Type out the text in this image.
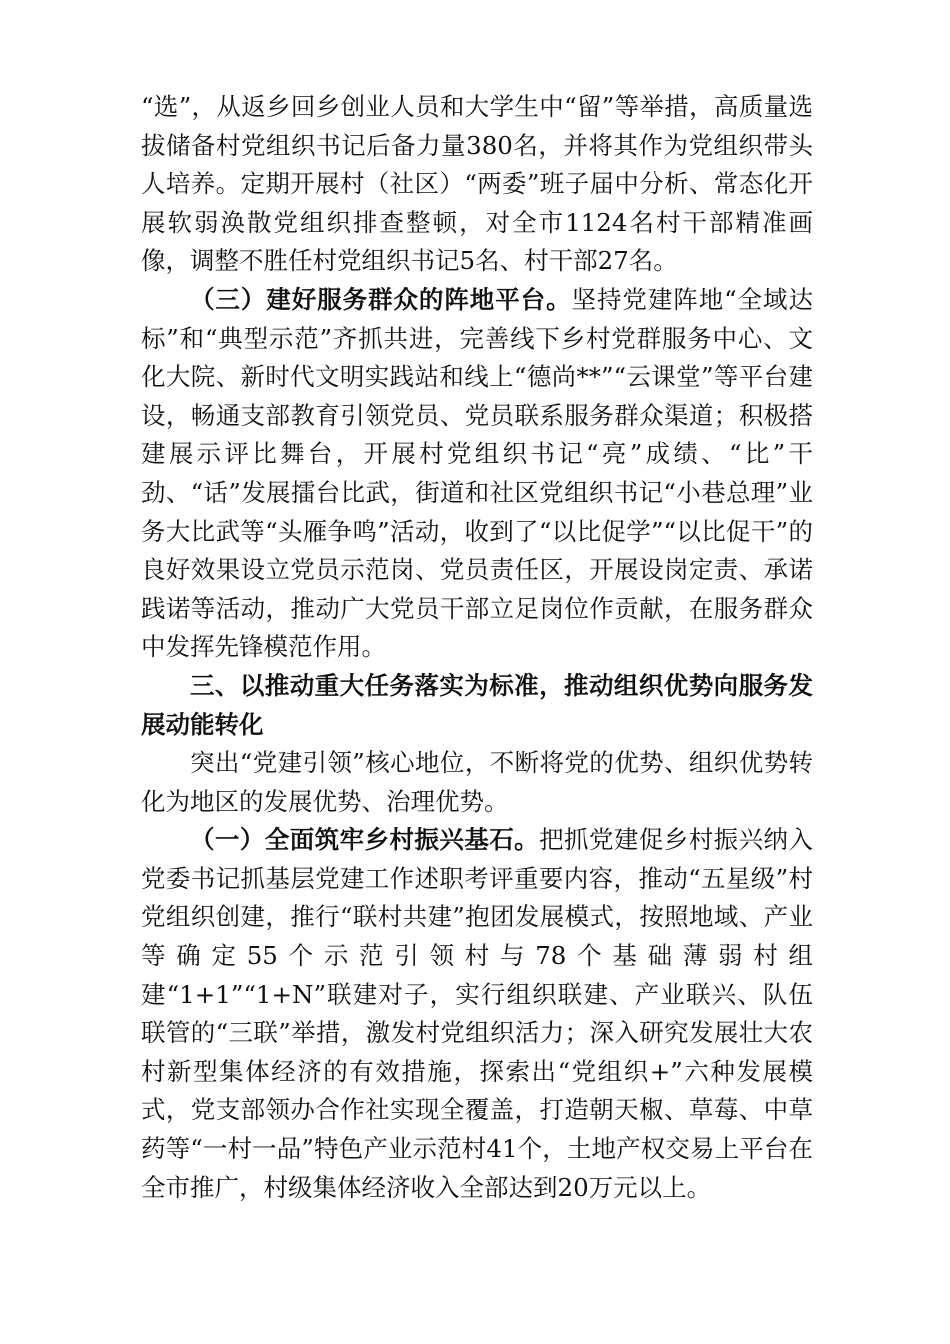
“选”，从返乡回乡创业人员和大学生中“留”等举措，高质量选拔储备村党组织书记后备力量380名，并将其作为党组织带头人培养。定期开展村（社区）“两委”班子届中分析、常态化开展软弱涣散党组织排查整顿，对全市1124名村干部精准画像，调整不胜任村党组织书记5名、村干部27名。

（三）建好服务群众的阵地平台。坚持党建阵地“全域达标”和“典型示范”齐抓共进，完善线下乡村党群服务中心、文化大院、新时代文明实践站和线上“德尚**”“云课堂”等平台建设，畅通支部教育引领党员、党员联系服务群众渠道；积极搭建展示评比舞台，开展村党组织书记“亮”成绩、“比”干劲、“话”发展擂台比武，街道和社区党组织书记“小巷总理”业务大比武等“头雁争鸣”活动，收到了“以比促学”“以比促干”的良好效果设立党员示范岗、党员责任区，开展设岗定责、承诺践诺等活动，推动广大党员干部立足岗位作贡献，在服务群众中发挥先锋模范作用。

三、以推动重大任务落实为标准，推动组织优势向服务发展动能转化

突出“党建引领”核心地位，不断将党的优势、组织优势转化为地区的发展优势、治理优势。

（一）全面筑牢乡村振兴基石。把抓党建促乡村振兴纳入党委书记抓基层党建工作述职考评重要内容，推动“五星级”村党组织创建，推行“联村共建”抱团发展模式，按照地域、产业等确定55个示范引领村与78个基础薄弱村组建“1+1”“1+N”联建对子，实行组织联建、产业联兴、队伍联管的“三联”举措，激发村党组织活力；深入研究发展壮大农村新型集体经济的有效措施，探索出“党组织+”六种发展模式，党支部领办合作社实现全覆盖，打造朝天椒、草莓、中草药等“一村一品”特色产业示范村41个，土地产权交易上平台在全市推广，村级集体经济收入全部达到20万元以上。
